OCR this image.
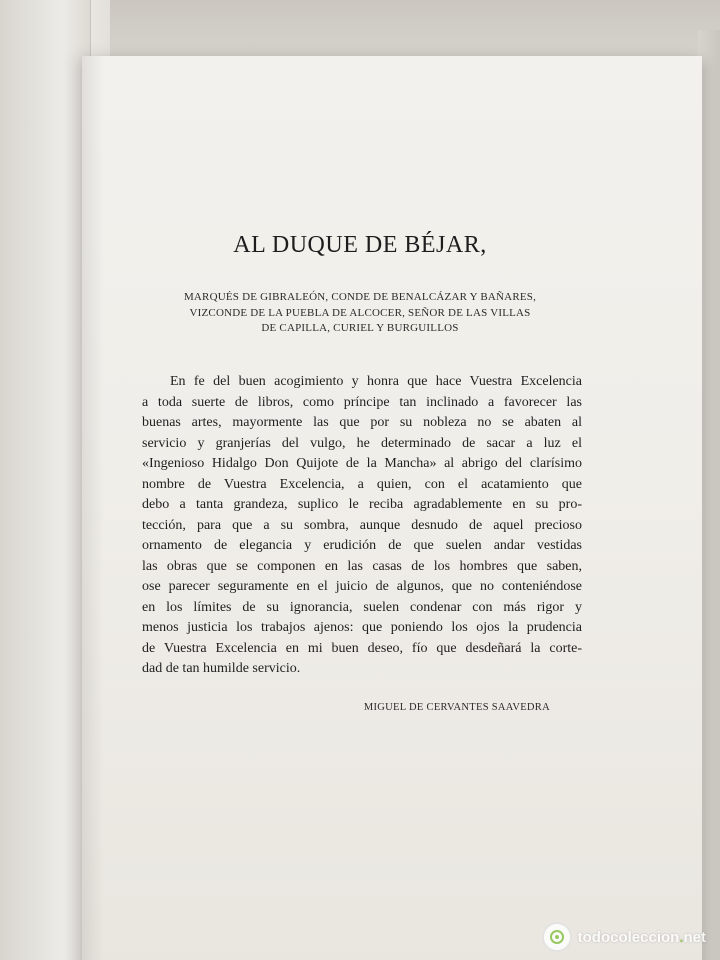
AL DUQUE DE BÉJAR,
MARQUÉS DE GIBRALEÓN, CONDE DE BENALCÁZAR Y BAÑARES,
VIZCONDE DE LA PUEBLA DE ALCOCER, SEÑOR DE LAS VILLAS
DE CAPILLA, CURIEL Y BURGUILLOS
En fe del buen acogimiento y honra que hace Vuestra Excelencia
a toda suerte de libros, como príncipe tan inclinado a favorecer las
buenas artes, mayormente las que por su nobleza no se abaten al
servicio y granjerías del vulgo, he determinado de sacar a luz el
«Ingenioso Hidalgo Don Quijote de la Mancha» al abrigo del clarísimo
nombre de Vuestra Excelencia, a quien, con el acatamiento que
debo a tanta grandeza, suplico le reciba agradablemente en su pro-
tección, para que a su sombra, aunque desnudo de aquel precioso
ornamento de elegancia y erudición de que suelen andar vestidas
las obras que se componen en las casas de los hombres que saben,
ose parecer seguramente en el juicio de algunos, que no conteniéndose
en los límites de su ignorancia, suelen condenar con más rigor y
menos justicia los trabajos ajenos: que poniendo los ojos la prudencia
de Vuestra Excelencia en mi buen deseo, fío que desdeñará la corte-
dad de tan humilde servicio.
MIGUEL DE CERVANTES SAAVEDRA
todocoleccion.net
